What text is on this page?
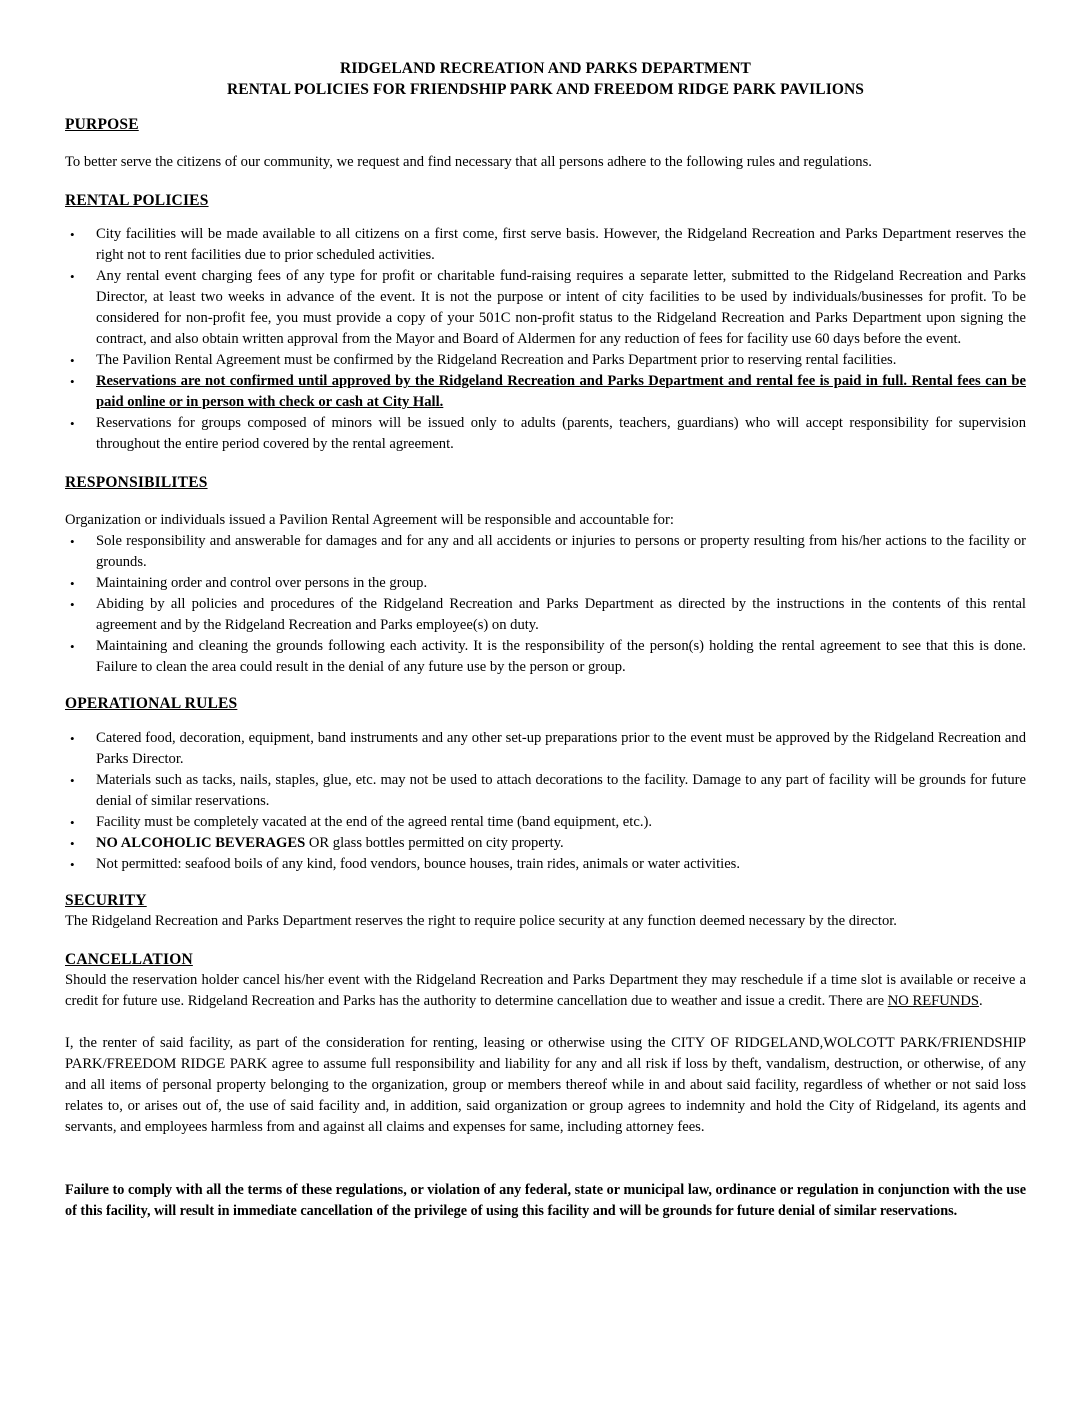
RIDGELAND RECREATION AND PARKS DEPARTMENT
RENTAL POLICIES FOR FRIENDSHIP PARK AND FREEDOM RIDGE PARK PAVILIONS
PURPOSE

To better serve the citizens of our community, we request and find necessary that all persons adhere to the following rules and regulations.

RENTAL POLICIES
• City facilities will be made available to all citizens on a first come, first serve basis. However, the Ridgeland Recreation and Parks Department reserves the right not to rent facilities due to prior scheduled activities.
• Any rental event charging fees of any type for profit or charitable fund-raising requires a separate letter, submitted to the Ridgeland Recreation and Parks Director, at least two weeks in advance of the event. It is not the purpose or intent of city facilities to be used by individuals/businesses for profit. To be considered for non-profit fee, you must provide a copy of your 501C non-profit status to the Ridgeland Recreation and Parks Department upon signing the contract, and also obtain written approval from the Mayor and Board of Aldermen for any reduction of fees for facility use 60 days before the event.
• The Pavilion Rental Agreement must be confirmed by the Ridgeland Recreation and Parks Department prior to reserving rental facilities.
• Reservations are not confirmed until approved by the Ridgeland Recreation and Parks Department and rental fee is paid in full. Rental fees can be paid online or in person with check or cash at City Hall.
• Reservations for groups composed of minors will be issued only to adults (parents, teachers, guardians) who will accept responsibility for supervision throughout the entire period covered by the rental agreement.
RESPONSIBILITES

Organization or individuals issued a Pavilion Rental Agreement will be responsible and accountable for:

• Sole responsibility and answerable for damages and for any and all accidents or injuries to persons or property resulting from his/her actions to the facility or grounds.
• Maintaining order and control over persons in the group.
• Abiding by all policies and procedures of the Ridgeland Recreation and Parks Department as directed by the instructions in the contents of this rental agreement and by the Ridgeland Recreation and Parks employee(s) on duty.
• Maintaining and cleaning the grounds following each activity. It is the responsibility of the person(s) holding the rental agreement to see that this is done. Failure to clean the area could result in the denial of any future use by the person or group.
OPERATIONAL RULES
• Catered food, decoration, equipment, band instruments and any other set-up preparations prior to the event must be approved by the Ridgeland Recreation and Parks Director.
• Materials such as tacks, nails, staples, glue, etc. may not be used to attach decorations to the facility. Damage to any part of facility will be grounds for future denial of similar reservations.
• Facility must be completely vacated at the end of the agreed rental time (band equipment, etc.).
• NO ALCOHOLIC BEVERAGES OR glass bottles permitted on city property.
• Not permitted: seafood boils of any kind, food vendors, bounce houses, train rides, animals or water activities.
SECURITY

The Ridgeland Recreation and Parks Department reserves the right to require police security at any function deemed necessary by the director.

CANCELLATION

Should the reservation holder cancel his/her event with the Ridgeland Recreation and Parks Department they may reschedule if a time slot is available or receive a credit for future use. Ridgeland Recreation and Parks has the authority to determine cancellation due to weather and issue a credit. There are NO REFUNDS.

I, the renter of said facility, as part of the consideration for renting, leasing or otherwise using the CITY OF RIDGELAND,WOLCOTT PARK/FRIENDSHIP PARK/FREEDOM RIDGE PARK agree to assume full responsibility and liability for any and all risk if loss by theft, vandalism, destruction, or otherwise, of any and all items of personal property belonging to the organization, group or members thereof while in and about said facility, regardless of whether or not said loss relates to, or arises out of, the use of said facility and, in addition, said organization or group agrees to indemnity and hold the City of Ridgeland, its agents and servants, and employees harmless from and against all claims and expenses for same, including attorney fees.

Failure to comply with all the terms of these regulations, or violation of any federal, state or municipal law, ordinance or regulation in conjunction with the use of this facility, will result in immediate cancellation of the privilege of using this facility and will be grounds for future denial of similar reservations.
